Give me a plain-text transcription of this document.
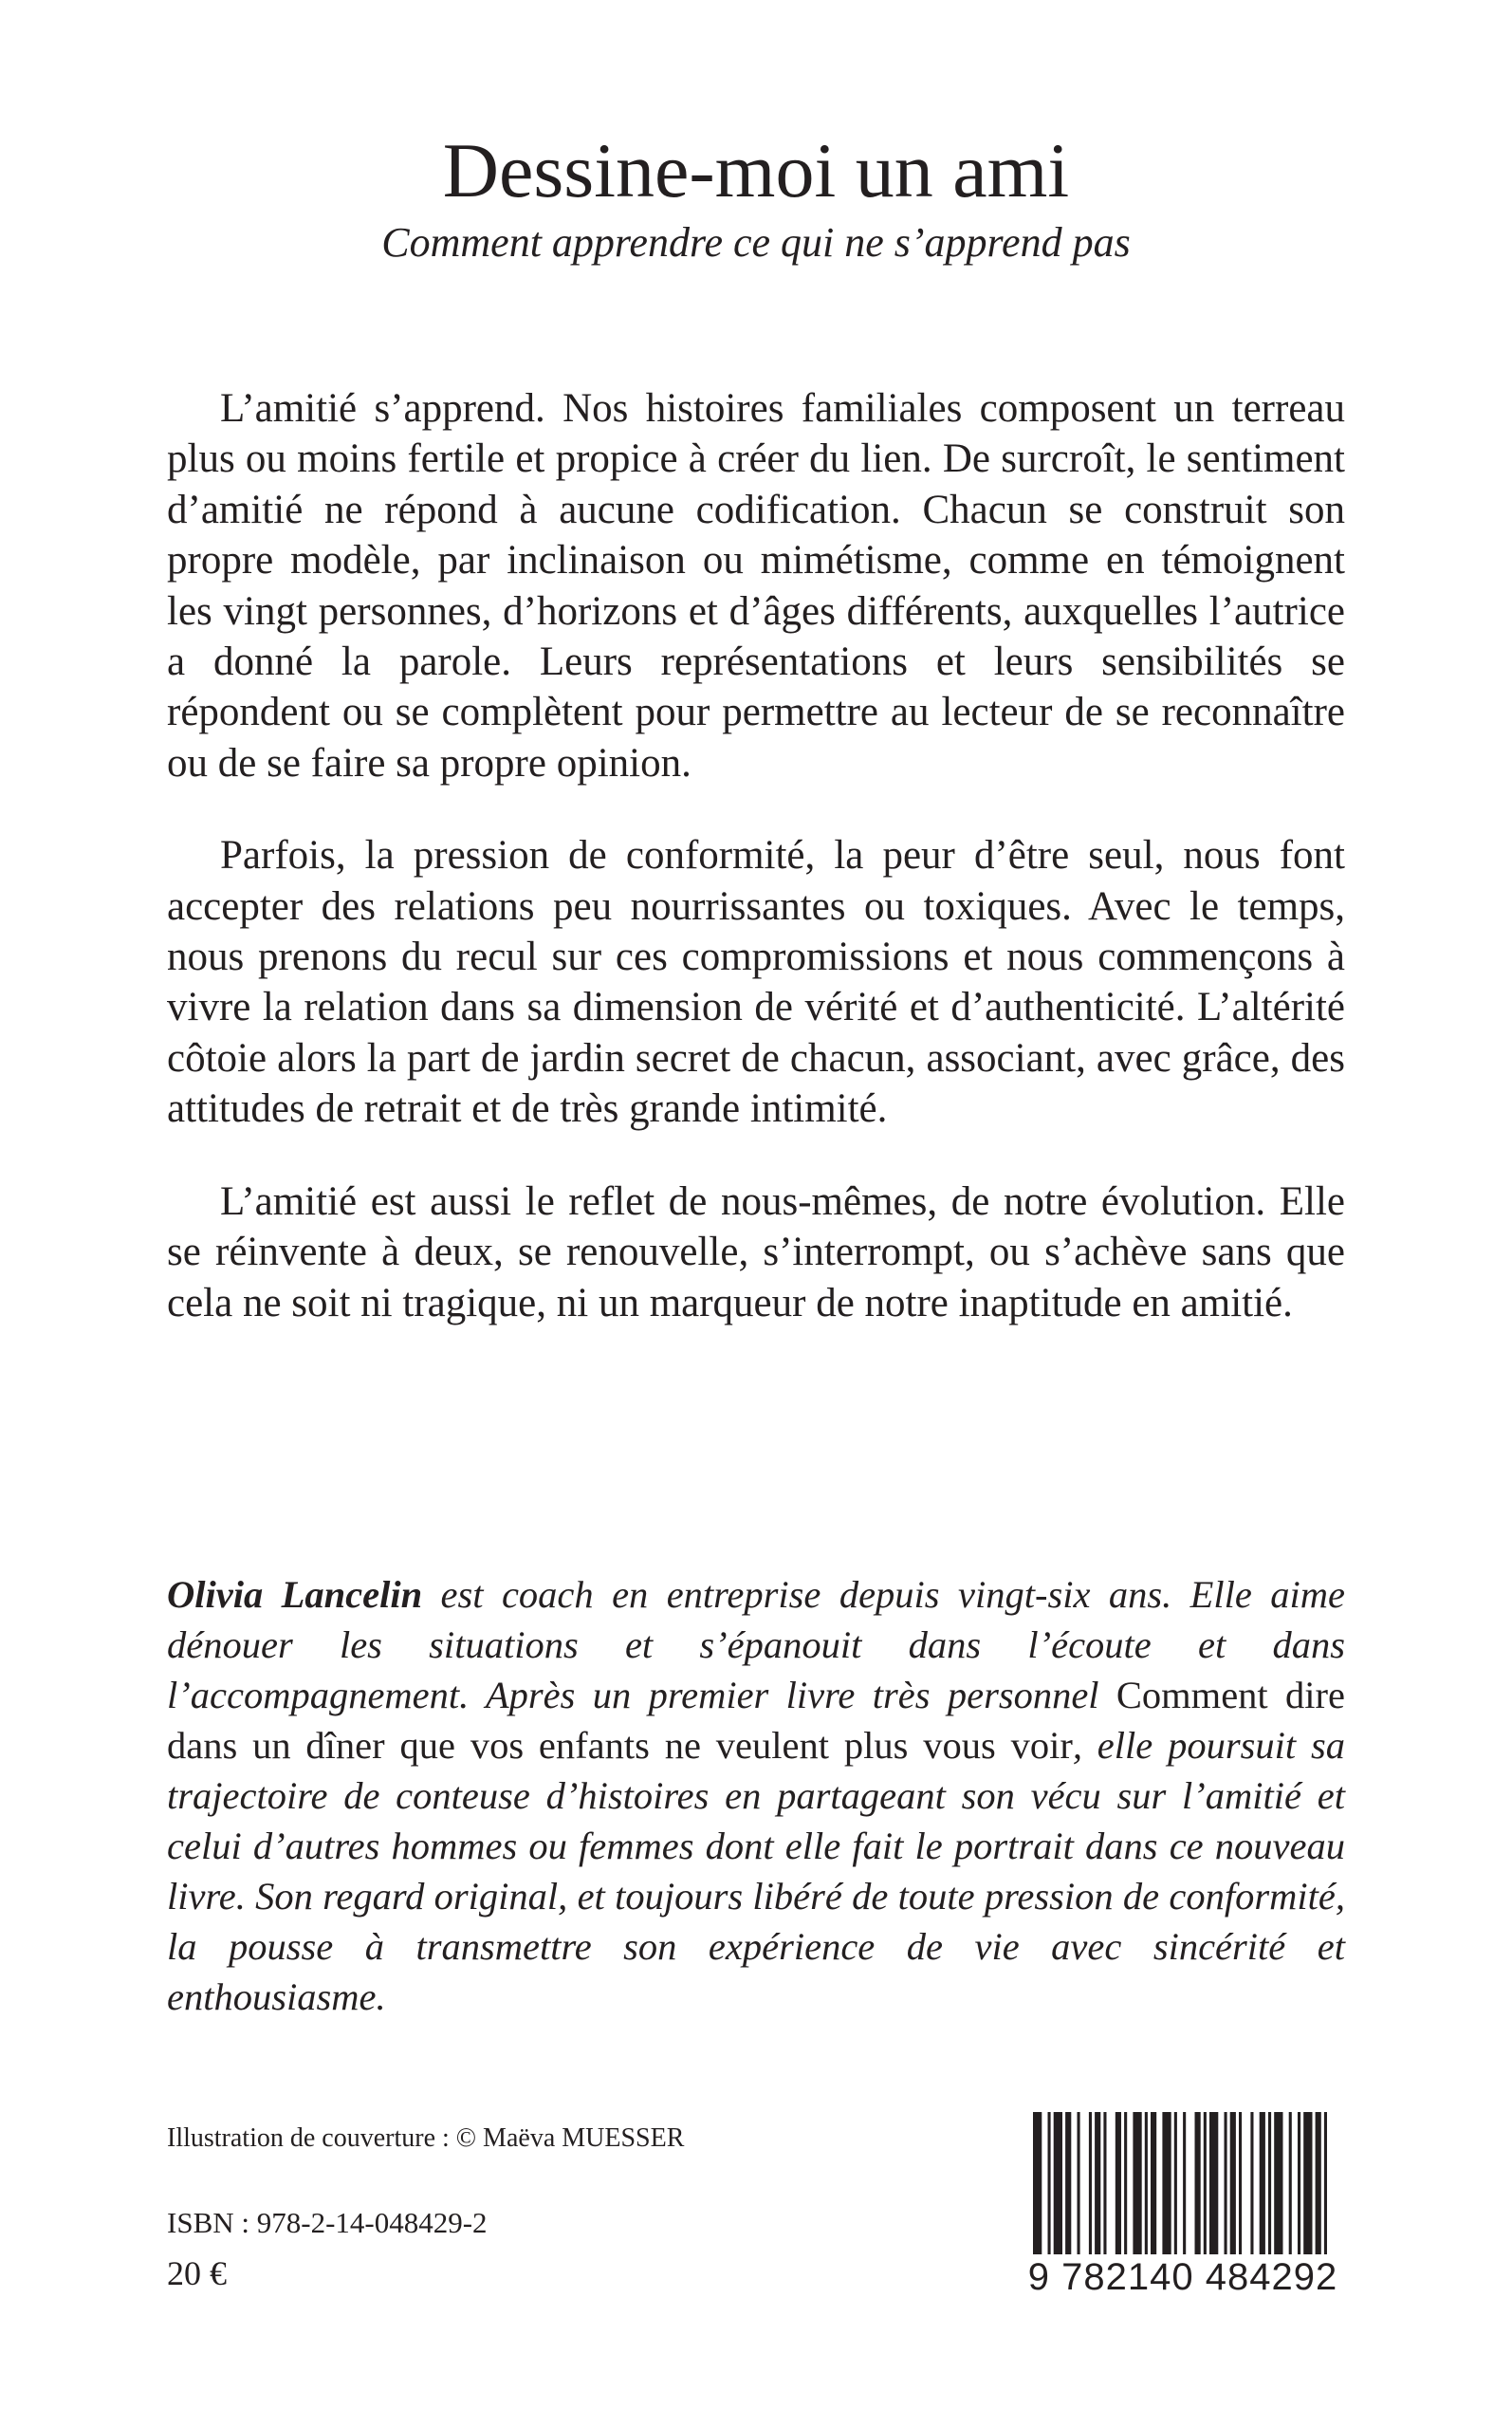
Dessine-moi un ami

Comment apprendre ce qui ne s’apprend pas

L’amitié s’apprend. Nos histoires familiales composent un terreau plus ou moins fertile et propice à créer du lien. De surcroît, le sentiment d’amitié ne répond à aucune codification. Chacun se construit son propre modèle, par inclinaison ou mimétisme, comme en témoignent les vingt personnes, d’horizons et d’âges différents, auxquelles l’autrice a donné la parole. Leurs représentations et leurs sensibilités se répondent ou se complètent pour permettre au lecteur de se reconnaître ou de se faire sa propre opinion.

Parfois, la pression de conformité, la peur d’être seul, nous font accepter des relations peu nourrissantes ou toxiques. Avec le temps, nous prenons du recul sur ces compromissions et nous commençons à vivre la relation dans sa dimension de vérité et d’authenticité. L’altérité côtoie alors la part de jardin secret de chacun, associant, avec grâce, des attitudes de retrait et de très grande intimité.

L’amitié est aussi le reflet de nous-mêmes, de notre évolution. Elle se réinvente à deux, se renouvelle, s’interrompt, ou s’achève sans que cela ne soit ni tragique, ni un marqueur de notre inaptitude en amitié.

Olivia Lancelin est coach en entreprise depuis vingt-six ans. Elle aime dénouer les situations et s’épanouit dans l’écoute et dans l’accompagnement. Après un premier livre très personnel Comment dire dans un dîner que vos enfants ne veulent plus vous voir, elle poursuit sa trajectoire de conteuse d’histoires en partageant son vécu sur l’amitié et celui d’autres hommes ou femmes dont elle fait le portrait dans ce nouveau livre. Son regard original, et toujours libéré de toute pression de conformité, la pousse à transmettre son expérience de vie avec sincérité et enthousiasme.

Illustration de couverture : © Maëva MUESSER

ISBN : 978-2-14-048429-2

20 €	9 782140 484292
